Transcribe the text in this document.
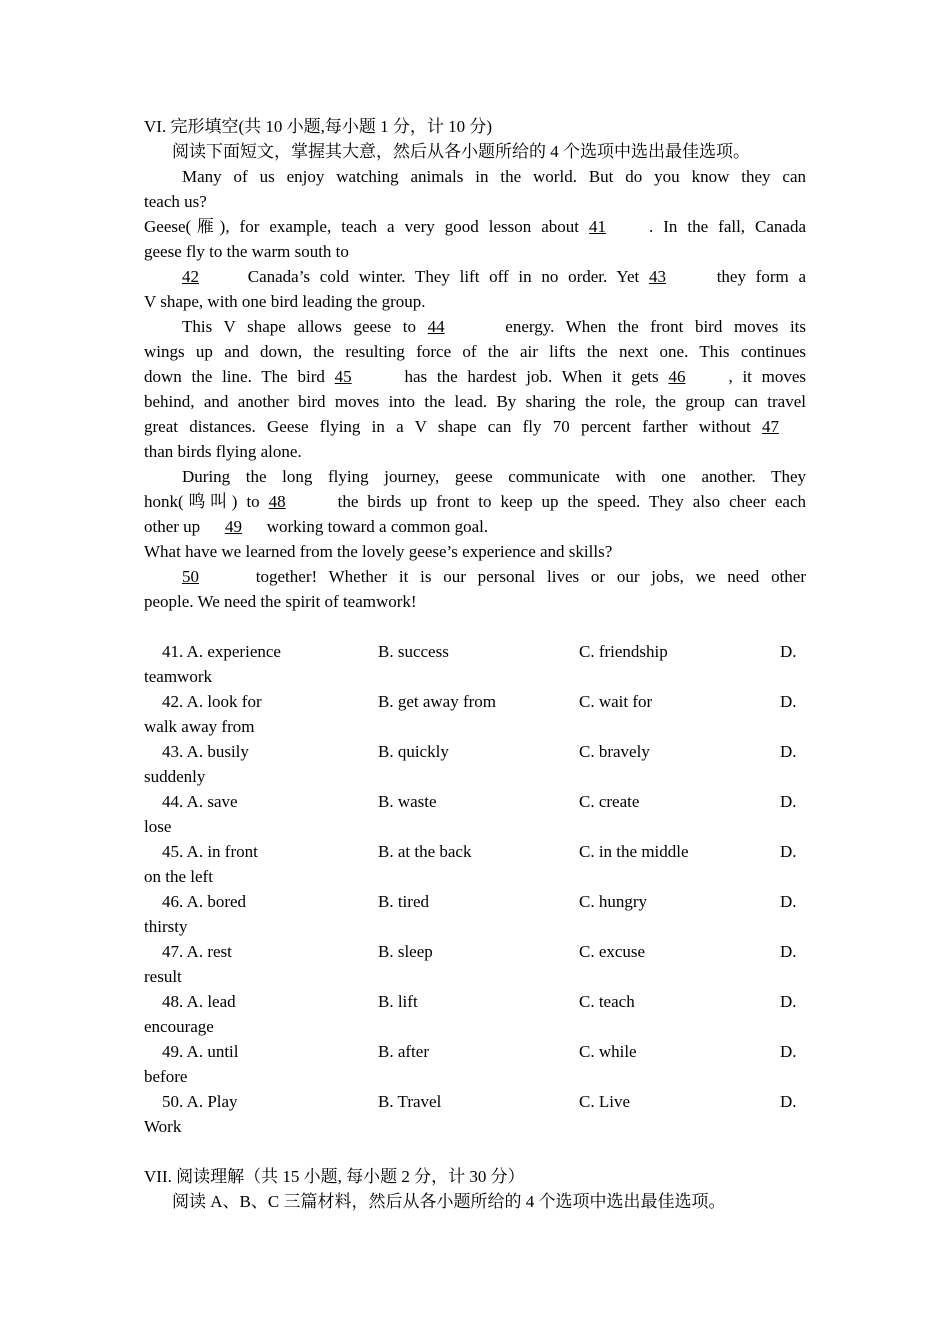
VI. 完形填空(共 10 小题,每小题 1 分，计 10 分)
阅读下面短文，掌握其大意，然后从各小题所给的 4 个选项中选出最佳选项。
Many of us enjoy watching animals in the world. But do you know they can
teach us?
Geese(雁), for example, teach a very good lesson about 41	. In the fall, Canada
geese fly to the warm south to
42	Canada’s cold winter. They lift off in no order. Yet 43	they form a
V shape, with one bird leading the group.
This V shape allows geese to 44	energy. When the front bird moves its
wings up and down, the resulting force of the air lifts the next one. This continues
down the line. The bird 45	has the hardest job. When it gets 46	, it moves
behind, and another bird moves into the lead. By sharing the role, the group can travel
great distances. Geese flying in a V shape can fly 70 percent farther without 47
than birds flying alone.
During the long flying journey, geese communicate with one another. They
honk(鸣叫) to 48	the birds up front to keep up the speed. They also cheer each
other up 49 working toward a common goal.
What have we learned from the lovely geese’s experience and skills?
50	together! Whether it is our personal lives or our jobs, we need other
people. We need the spirit of teamwork!
41. A. experience	B. success	C. friendship	D.
teamwork
42. A. look for	B. get away from	C. wait for	D.
walk away from
43. A. busily	B. quickly	C. bravely	D.
suddenly
44. A. save	B. waste	C. create	D.
lose
45. A. in front	B. at the back	C. in the middle	D.
on the left
46. A. bored	B. tired	C. hungry	D.
thirsty
47. A. rest	B. sleep	C. excuse	D.
result
48. A. lead	B. lift	C. teach	D.
encourage
49. A. until	B. after	C. while	D.
before
50. A. Play	B. Travel	C. Live	D.
Work
VII. 阅读理解（共 15 小题, 每小题 2 分，计 30 分）
阅读 A、B、C 三篇材料，然后从各小题所给的 4 个选项中选出最佳选项。
